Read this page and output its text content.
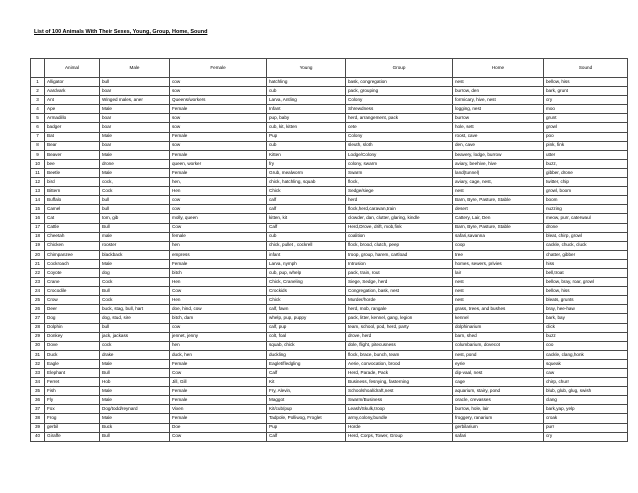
List of 100 Animals With Their Sexes, Young, Group, Home, Sound
	Animal	Male	Female	Young	Group	Home	Sound
1	Alligator	bull	cow	hatchling	bask, congregation	nest	bellow, hiss
2	Aardvark	boar	sow	cub	pack, grouping	burrow, den	bark, grunt
3	Ant	Winged males, aner	Queens/workers	Larva, Antling	Colony	formicary, hive, nest	cry
4	Ape	Male	Female	Infant	Shrewdness	logging, nest	moo
5	Armadillo	boar	sow	pup, baby	herd, arrangement, pack	burrow	grunt
6	badger	boar	sow	cub, kit, kitten	cete	hole, sett	growl
7	Bat	Male	Female	Pup	Colony	roost, cave	poo
8	Bear	boar	sow	cub	sleuth, sloth	den, cave	pink, fink
9	Beaver	Male	Female	Kitten	Lodge/Colony	beavery, lodge, burrow	utter
10	bee	drone	queen, worker	fry	colony, swarm	aviary, beehive, hive	buzz,
11	Beetle	Male	Female	Grub, mealworm	Swarm	land(tunnel)	gibber, drone
12	bird	cock,	hen,	chick, hatchling, squab	flock,	aviary, cage, nest,	twitter, chip
13	Bittern	Cock	Hen	Chick	Sedge/siege	nest	growl, boom
14	Buffalo	bull	cow	calf	herd	Barn, Byre, Pasture, Stable	boom
15	Camel	bull	cow	calf	flock,herd,caravan,train	desert	nuzzing
16	Cat	tom, gib	molly, queen	kitten, kit	clowder, dan, clutter, glaring, kindle	Cattery, Lair, Den	meow, purr, caterwaul
17	Cattle	Bull	Cow	Calf	Herd,Drove, drift, mob,fink	Barn, Byre, Pasture, Stable	drone
18	Cheetah	male	female	cub	coalition	safari,savanna	bleat, chirp, growl
19	Chicken	rooster	hen	chick, pullet , cockrell	flock, brood, clutch, peep	coop	cackle, chuck, cluck
20	Chimpanzee	blackback	empress	infant	troop, group, harem, cartload	tree	chatter, gibber
21	Cockroach	Male	Female	Larva, nymph	Intrusion	homes, sewers, privies	hiss
22	Coyote	dog	bitch	cub, pup, whelp	pack, train, rout	lair	bell,troat
23	Crane	Cock	Hen	Chick, Craneling	Siege, Sedge, herd	nest	bellow, bray, roar, growl
24	Crocodile	Bull	Cow	Crockids	Congregation, bask, nest	nest	bellow, hiss
25	Crow	Cock	Hen	Chick	Murder/horde	nest	bleats, grunts
26	Deer	buck, stag, bull, hart	doe, hind, cow	calf, fawn	herd, mob, rangale	grass, trees, and bushes	bray, hee-haw
27	Dog	dog, stud, sire	bitch, dam	whelp, pup, puppy	pack, litter, kennel, gang, legion	kennel	bark, bay
28	Dolphin	bull	cow	calf, pup	team, school, pod, herd, party	dolphinarium	click
29	Donkey	jack, jackass	jennet, jenny	colt, foal	drove, herd	barn, shed	buzz
30	Dove	cock	hen	squab, chick	dole, flight, pitecusness	columbarium, dovecot	coo
31	Duck	drake	duck, hen	duckling	flock, brace, bunch, team	nest, pond	cackle, clang,honk
32	Eagle	Male	Female	Eaglet/fledgling	Aerie, convocation, brood	eyrie	squeak
33	Elephant	Bull	Cow	Calf	Herd, Parade, Pack	dip-vaal, nest	caw
34	Ferret	Hob	Jill, Gill	Kit	Business, fesnying, fasterning	cage	chirp, churr
35	Fish	Male	Female	Fry, Alevin,	Schoolshoal/draft,nest	aquarium, stairy, pond	blub, glub, glug, swish
36	Fly	Male	Female	Maggot	Swarm/Business	oracle, crevasses	clang
37	Fox	Dog/todd/reynard	Vixen	Kit/cub/pup	Leash/Skulk,troop	burrow, hole, lair	bark,yap, yelp
38	Frog	Male	Female	Tadpole, Polliwog, Froglet	army,colony,bundle	froggery, ranarium	croak
39	gerbil	Buck	Doe	Pup	Horde	gerbilarium	purr
40	Giraffe	Bull	Cow	Calf	Herd, Corps, Tower, Group	safari	cry
